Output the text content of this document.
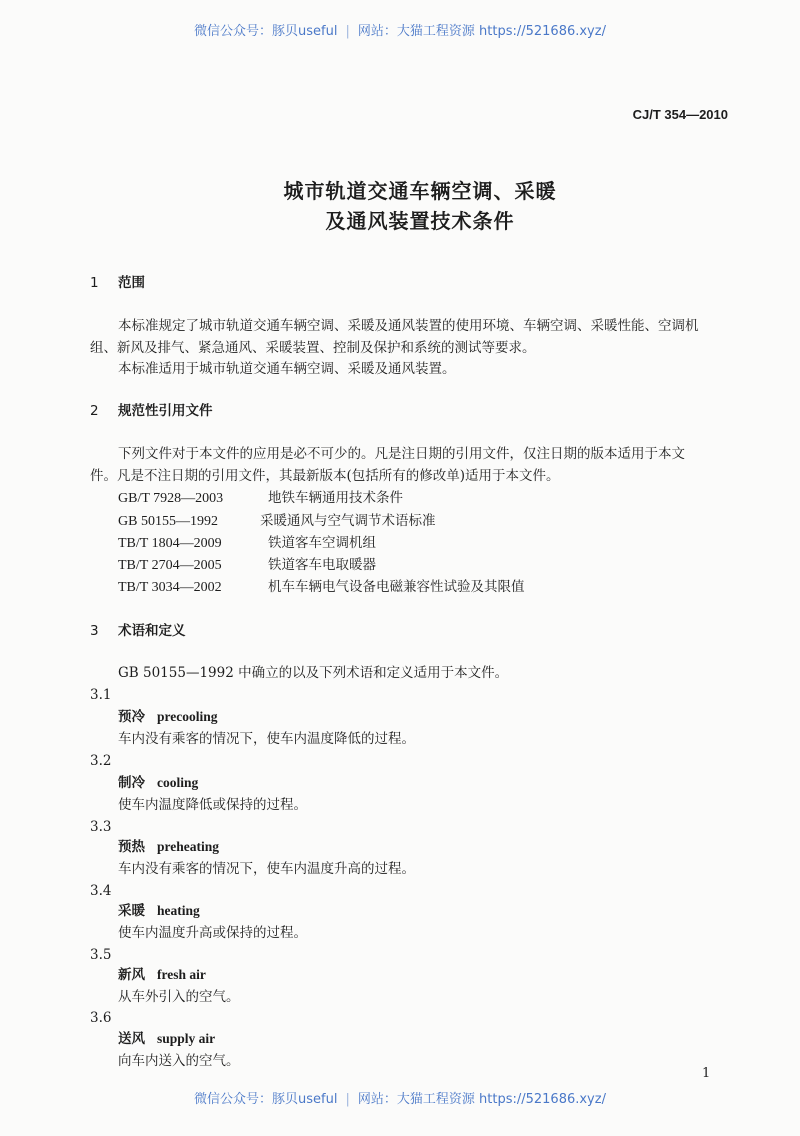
微信公众号：豚贝useful | 网站：大猫工程资源 https://521686.xyz/
CJ/T 354—2010
城市轨道交通车辆空调、采暖
及通风装置技术条件
1 范围
本标准规定了城市轨道交通车辆空调、采暖及通风装置的使用环境、车辆空调、采暖性能、空调机
组、新风及排气、紧急通风、采暖装置、控制及保护和系统的测试等要求。
本标准适用于城市轨道交通车辆空调、采暖及通风装置。
2 规范性引用文件
下列文件对于本文件的应用是必不可少的。凡是注日期的引用文件，仅注日期的版本适用于本文
件。凡是不注日期的引用文件，其最新版本(包括所有的修改单)适用于本文件。
GB/T 7928—2003	地铁车辆通用技术条件
GB 50155—1992	采暖通风与空气调节术语标准
TB/T 1804—2009	铁道客车空调机组
TB/T 2704—2005	铁道客车电取暖器
TB/T 3034—2002	机车车辆电气设备电磁兼容性试验及其限值
3 术语和定义
GB 50155—1992 中确立的以及下列术语和定义适用于本文件。
3.1
预冷 precooling
车内没有乘客的情况下，使车内温度降低的过程。
3.2
制冷 cooling
使车内温度降低或保持的过程。
3.3
预热 preheating
车内没有乘客的情况下，使车内温度升高的过程。
3.4
采暖 heating
使车内温度升高或保持的过程。
3.5
新风 fresh air
从车外引入的空气。
3.6
送风 supply air
向车内送入的空气。
1
微信公众号：豚贝useful | 网站：大猫工程资源 https://521686.xyz/
